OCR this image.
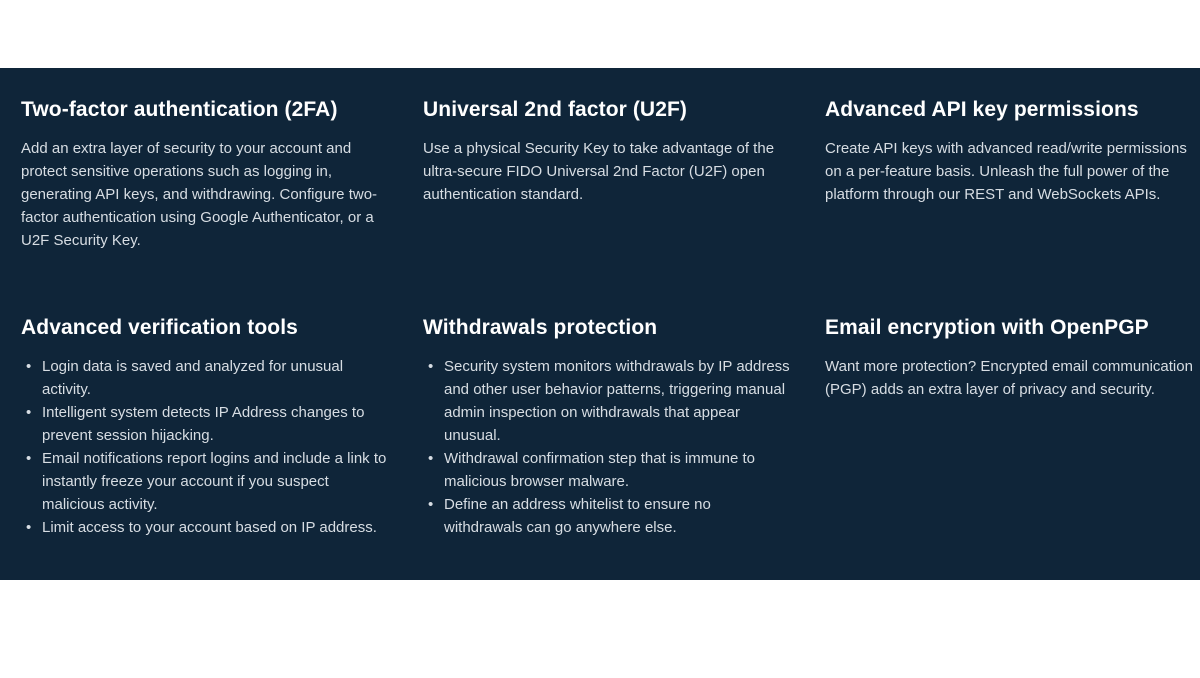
Two-factor authentication (2FA)

Add an extra layer of security to your account and protect sensitive operations such as logging in, generating API keys, and withdrawing. Configure two-factor authentication using Google Authenticator, or a U2F Security Key.

Universal 2nd factor (U2F)

Use a physical Security Key to take advantage of the ultra-secure FIDO Universal 2nd Factor (U2F) open authentication standard.

Advanced API key permissions

Create API keys with advanced read/write permissions on a per-feature basis. Unleash the full power of the platform through our REST and WebSockets APIs.

Advanced verification tools
• Login data is saved and analyzed for unusual activity.
• Intelligent system detects IP Address changes to prevent session hijacking.
• Email notifications report logins and include a link to instantly freeze your account if you suspect malicious activity.
• Limit access to your account based on IP address.
Withdrawals protection
• Security system monitors withdrawals by IP address and other user behavior patterns, triggering manual admin inspection on withdrawals that appear unusual.
• Withdrawal confirmation step that is immune to malicious browser malware.
• Define an address whitelist to ensure no withdrawals can go anywhere else.
Email encryption with OpenPGP

Want more protection? Encrypted email communication (PGP) adds an extra layer of privacy and security.
